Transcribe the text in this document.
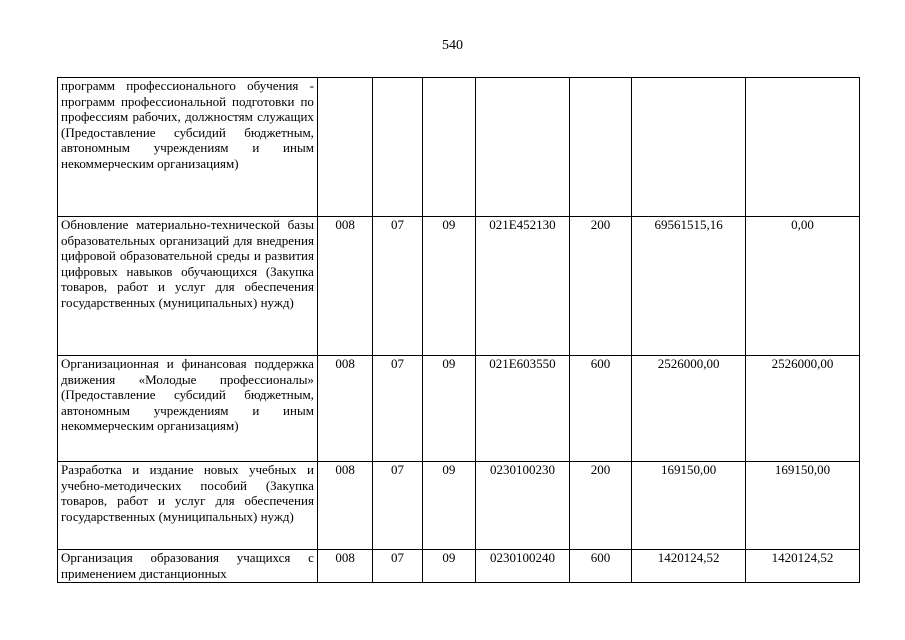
540
программ профессионального обучения - программ профессиональной подготовки по профессиям рабочих, должностям служащих (Предоставление субсидий бюджетным, автономным учреждениям и иным некоммерческим организациям)							
Обновление материально-технической базы образовательных организаций для внедрения цифровой образовательной среды и развития цифровых навыков обучающихся (Закупка товаров, работ и услуг для обеспечения государственных (муниципальных) нужд)	008	07	09	021E452130	200	69561515,16	0,00
Организационная и финансовая поддержка движения «Молодые профессионалы» (Предоставление субсидий бюджетным, автономным учреждениям и иным некоммерческим организациям)	008	07	09	021E603550	600	2526000,00	2526000,00
Разработка и издание новых учебных и учебно-методических пособий (Закупка товаров, работ и услуг для обеспечения государственных (муниципальных) нужд)	008	07	09	0230100230	200	169150,00	169150,00
Организация образования учащихся с применением дистанционных	008	07	09	0230100240	600	1420124,52	1420124,52
